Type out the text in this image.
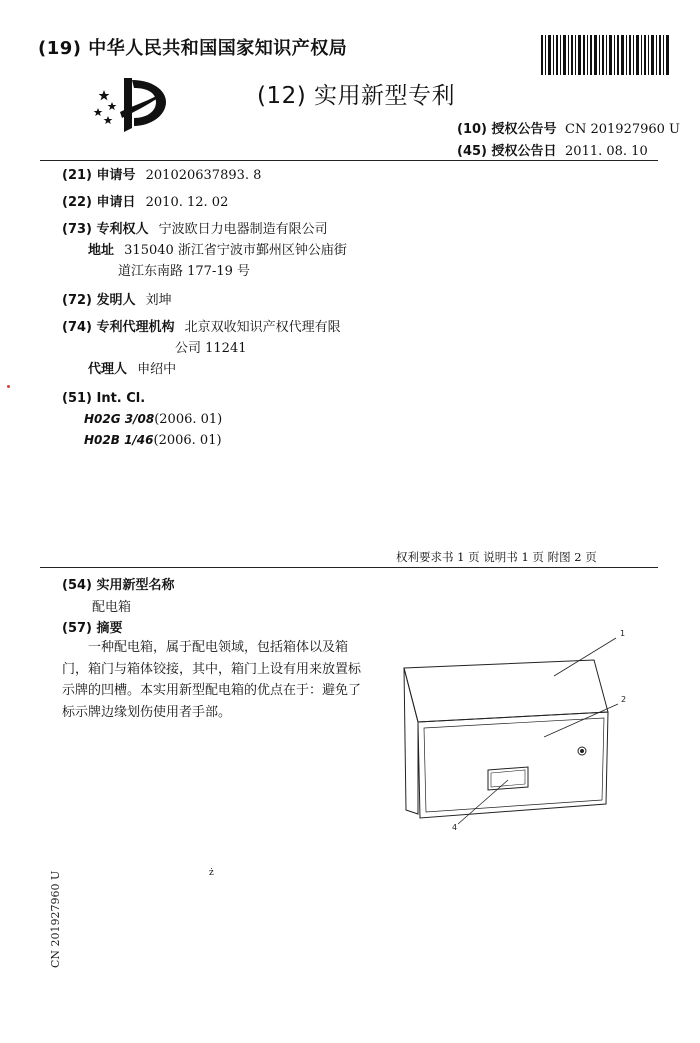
(19) 中华人民共和国国家知识产权局
(12) 实用新型专利
(10) 授权公告号 CN 201927960 U
(45) 授权公告日 2011. 08. 10
(21) 申请号 201020637893. 8
(22) 申请日 2010. 12. 02
(73) 专利权人 宁波欧日力电器制造有限公司
地址 315040 浙江省宁波市鄞州区钟公庙街
道江东南路 177-19 号
(72) 发明人 刘坤
(74) 专利代理机构 北京双收知识产权代理有限
公司 11241
代理人 申绍中
(51) Int. Cl.
H02G 3/08(2006. 01)
H02B 1/46(2006. 01)
权利要求书 1 页 说明书 1 页 附图 2 页
(54) 实用新型名称
配电箱
(57) 摘要
一种配电箱，属于配电领域，包括箱体以及箱门，箱门与箱体铰接，其中，箱门上设有用来放置标示牌的凹槽。本实用新型配电箱的优点在于：避免了标示牌边缘划伤使用者手部。
1
2
4
CN 201927960 U	ż
